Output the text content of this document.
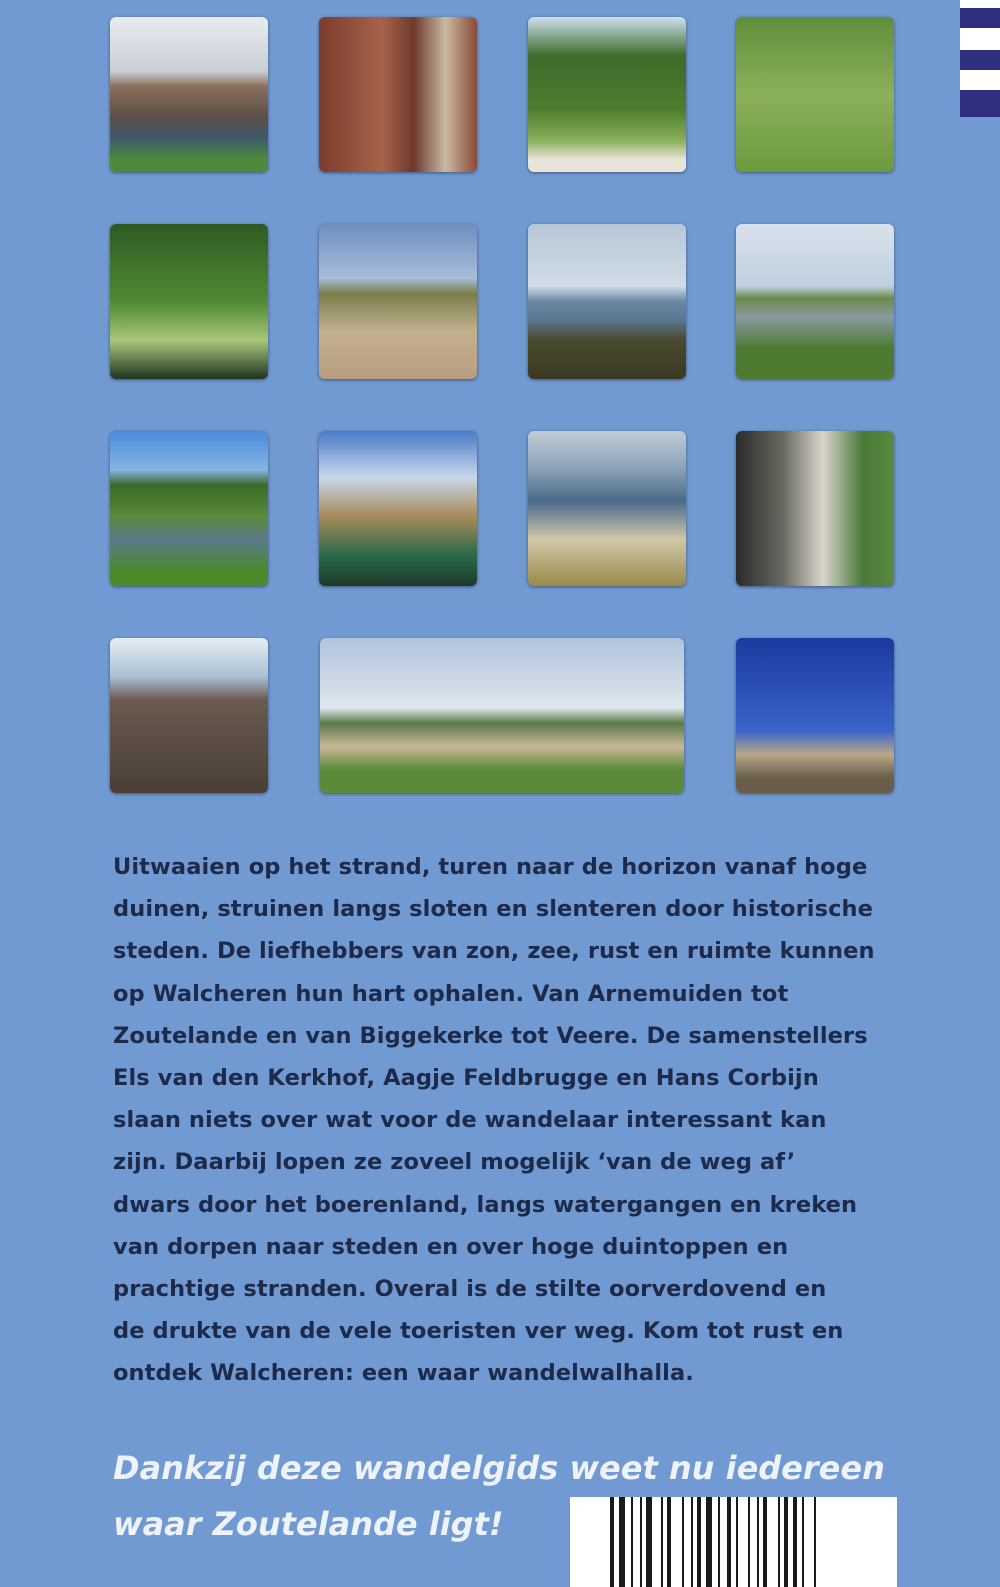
Uitwaaien op het strand, turen naar de horizon vanaf hoge
duinen, struinen langs sloten en slenteren door historische
steden. De liefhebbers van zon, zee, rust en ruimte kunnen
op Walcheren hun hart ophalen. Van Arnemuiden tot
Zoutelande en van Biggekerke tot Veere. De samenstellers
Els van den Kerkhof, Aagje Feldbrugge en Hans Corbijn
slaan niets over wat voor de wandelaar interessant kan
zijn. Daarbij lopen ze zoveel mogelijk ‘van de weg af’
dwars door het boerenland, langs watergangen en kreken
van dorpen naar steden en over hoge duintoppen en
prachtige stranden. Overal is de stilte oorverdovend en
de drukte van de vele toeristen ver weg. Kom tot rust en
ontdek Walcheren: een waar wandelwalhalla.
Dankzij deze wandelgids weet nu iedereen
waar Zoutelande ligt!
